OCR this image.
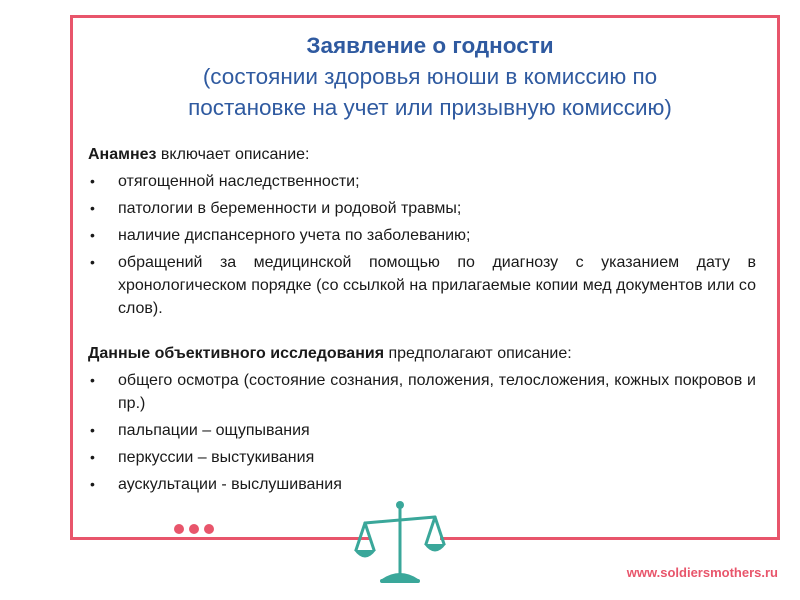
Заявление о годности
(состоянии здоровья юноши в комиссию по
постановке на учет или призывную комиссию)

Анамнез включает описание:

• отягощенной наследственности;
• патологии в беременности и родовой травмы;
• наличие диспансерного учета по заболеванию;
• обращений за медицинской помощью по диагнозу с указанием дату в хронологическом порядке (со ссылкой на прилагаемые копии мед документов или со слов).

Данные объективного исследования предполагают описание:

• общего осмотра (состояние сознания, положения, телосложения, кожных покровов и пр.)
• пальпации – ощупывания
• перкуссии – выстукивания
• аускультации - выслушивания
www.soldiersmothers.ru
